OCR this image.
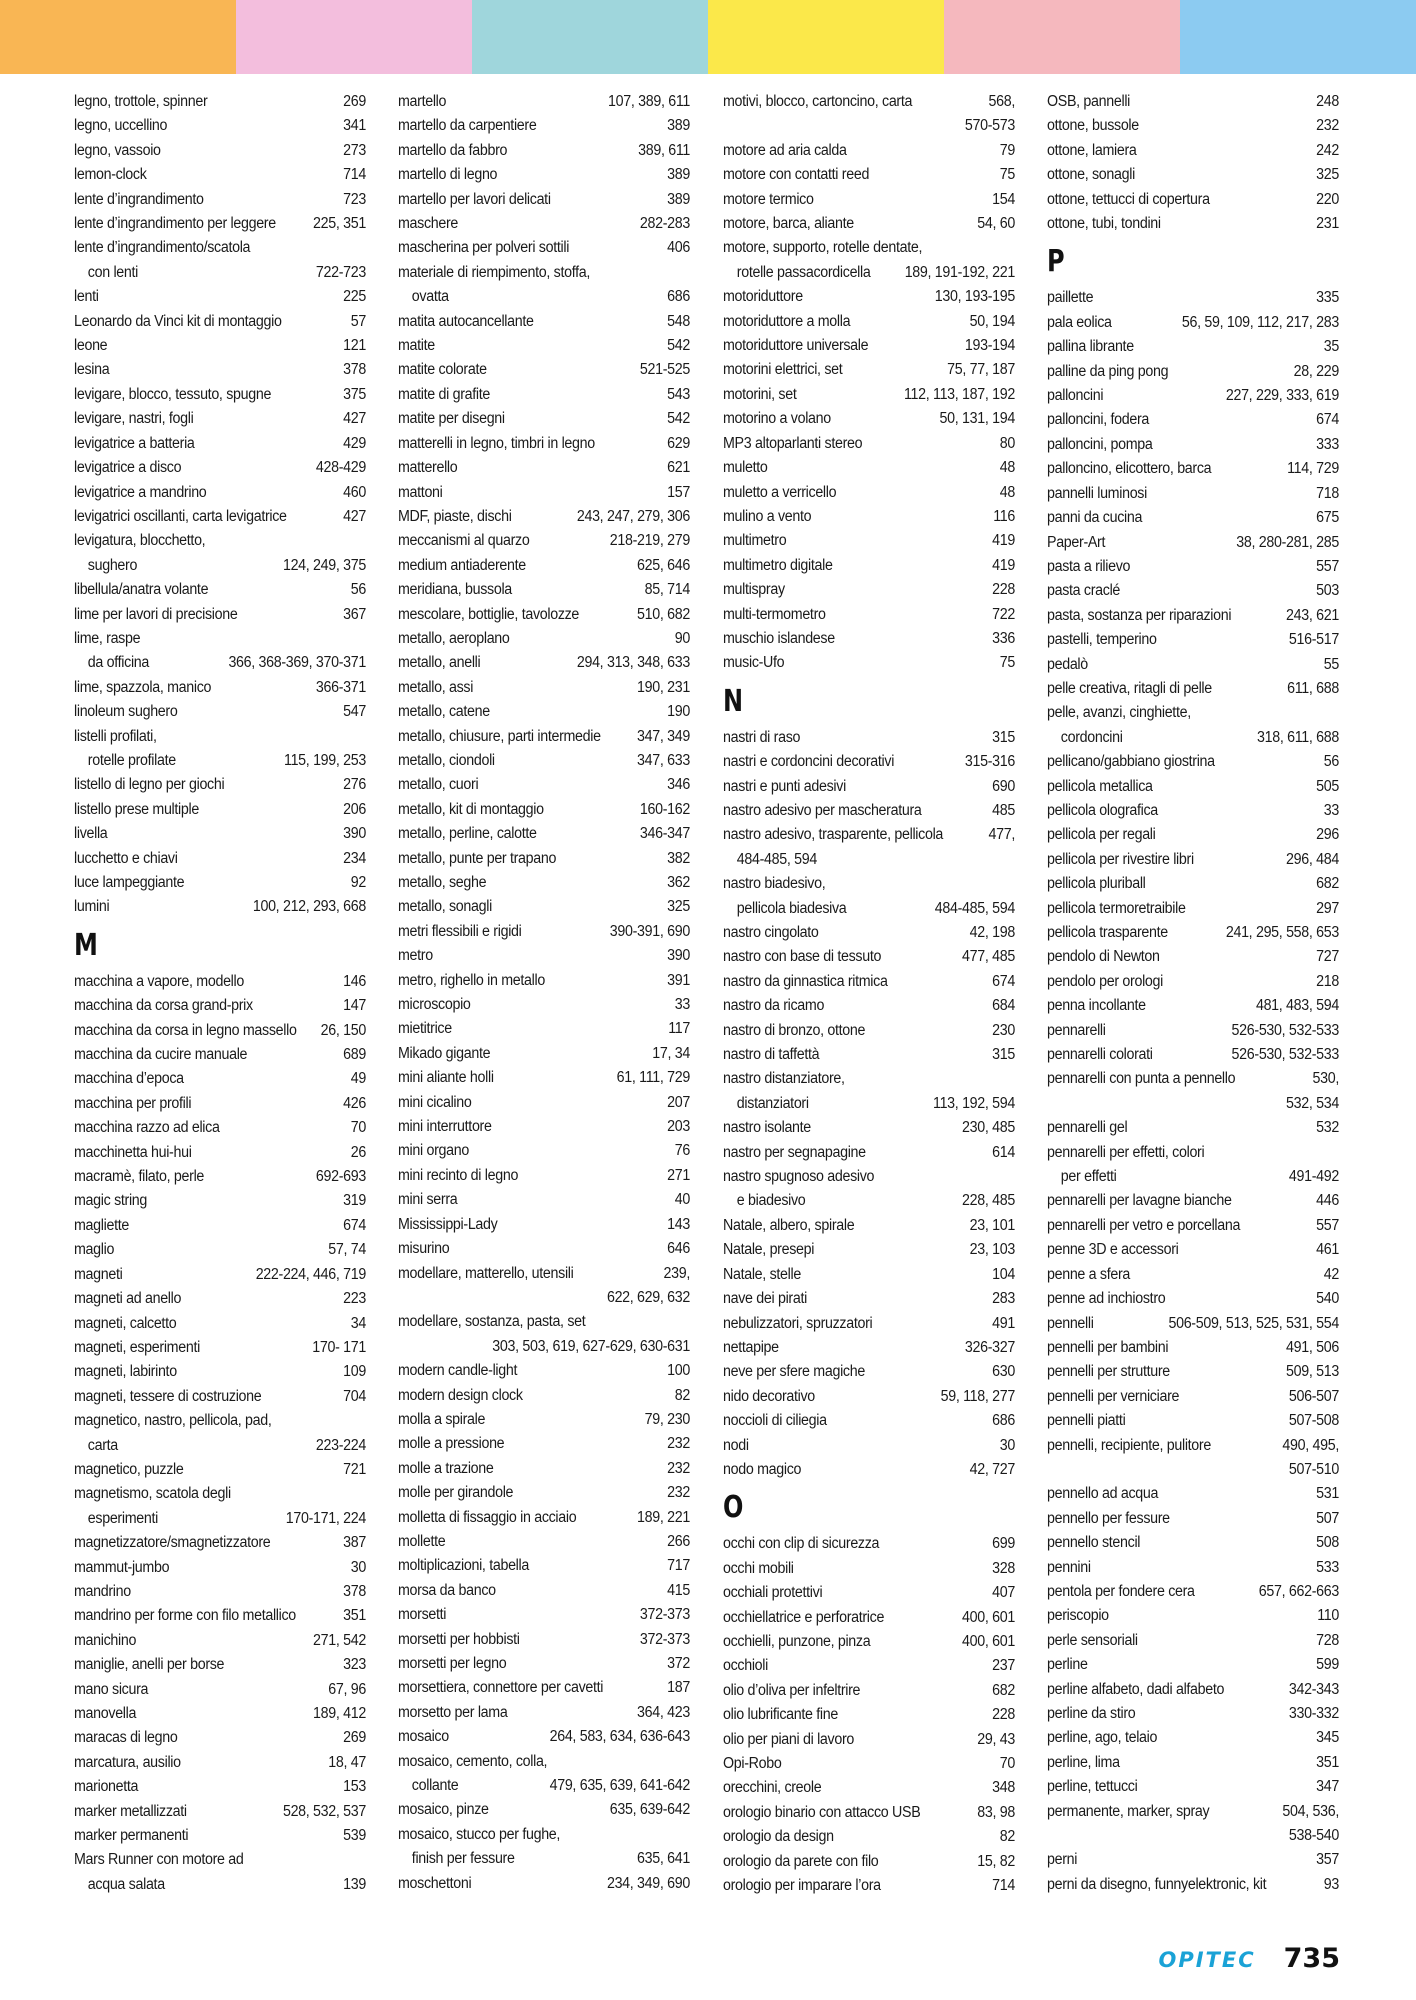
legno, trottole, spinner	269
legno, uccellino	341
legno, vassoio	273
lemon-clock	714
lente d’ingrandimento	723
lente d’ingrandimento per leggere	225, 351
lente d’ingrandimento/scatola
con lenti	722-723
lenti	225
Leonardo da Vinci kit di montaggio	57
leone	121
lesina	378
levigare, blocco, tessuto, spugne	375
levigare, nastri, fogli	427
levigatrice a batteria	429
levigatrice a disco	428-429
levigatrice a mandrino	460
levigatrici oscillanti, carta levigatrice	427
levigatura, blocchetto,
sughero	124, 249, 375
libellula/anatra volante	56
lime per lavori di precisione	367
lime, raspe
da officina	366, 368-369, 370-371
lime, spazzola, manico	366-371
linoleum sughero	547
listelli profilati,
rotelle profilate	115, 199, 253
listello di legno per giochi	276
listello prese multiple	206
livella	390
lucchetto e chiavi	234
luce lampeggiante	92
lumini	100, 212, 293, 668
M
macchina a vapore, modello	146
macchina da corsa grand-prix	147
macchina da corsa in legno massello	26, 150
macchina da cucire manuale	689
macchina d’epoca	49
macchina per profili	426
macchina razzo ad elica	70
macchinetta hui-hui	26
macramè, filato, perle	692-693
magic string	319
magliette	674
maglio	57, 74
magneti	222-224, 446, 719
magneti ad anello	223
magneti, calcetto	34
magneti, esperimenti	170- 171
magneti, labirinto	109
magneti, tessere di costruzione	704
magnetico, nastro, pellicola, pad,
carta	223-224
magnetico, puzzle	721
magnetismo, scatola degli
esperimenti	170-171, 224
magnetizzatore/smagnetizzatore	387
mammut-jumbo	30
mandrino	378
mandrino per forme con filo metallico	351
manichino	271, 542
maniglie, anelli per borse	323
mano sicura	67, 96
manovella	189, 412
maracas di legno	269
marcatura, ausilio	18, 47
marionetta	153
marker metallizzati	528, 532, 537
marker permanenti	539
Mars Runner con motore ad
acqua salata	139
martello	107, 389, 611
martello da carpentiere	389
martello da fabbro	389, 611
martello di legno	389
martello per lavori delicati	389
maschere	282-283
mascherina per polveri sottili	406
materiale di riempimento, stoffa,
ovatta	686
matita autocancellante	548
matite	542
matite colorate	521-525
matite di grafite	543
matite per disegni	542
matterelli in legno, timbri in legno	629
matterello	621
mattoni	157
MDF, piaste, dischi	243, 247, 279, 306
meccanismi al quarzo	218-219, 279
medium antiaderente	625, 646
meridiana, bussola	85, 714
mescolare, bottiglie, tavolozze	510, 682
metallo, aeroplano	90
metallo, anelli	294, 313, 348, 633
metallo, assi	190, 231
metallo, catene	190
metallo, chiusure, parti intermedie	347, 349
metallo, ciondoli	347, 633
metallo, cuori	346
metallo, kit di montaggio	160-162
metallo, perline, calotte	346-347
metallo, punte per trapano	382
metallo, seghe	362
metallo, sonagli	325
metri flessibili e rigidi	390-391, 690
metro	390
metro, righello in metallo	391
microscopio	33
mietitrice	117
Mikado gigante	17, 34
mini aliante holli	61, 111, 729
mini cicalino	207
mini interruttore	203
mini organo	76
mini recinto di legno	271
mini serra	40
Mississippi-Lady	143
misurino	646
modellare, matterello, utensili	239,
622, 629, 632
modellare, sostanza, pasta, set
303, 503, 619, 627-629, 630-631
modern candle-light	100
modern design clock	82
molla a spirale	79, 230
molle a pressione	232
molle a trazione	232
molle per girandole	232
molletta di fissaggio in acciaio	189, 221
mollette	266
moltiplicazioni, tabella	717
morsa da banco	415
morsetti	372-373
morsetti per hobbisti	372-373
morsetti per legno	372
morsettiera, connettore per cavetti	187
morsetto per lama	364, 423
mosaico	264, 583, 634, 636-643
mosaico, cemento, colla,
collante	479, 635, 639, 641-642
mosaico, pinze	635, 639-642
mosaico, stucco per fughe,
finish per fessure	635, 641
moschettoni	234, 349, 690
motivi, blocco, cartoncino, carta	568,
570-573
motore ad aria calda	79
motore con contatti reed	75
motore termico	154
motore, barca, aliante	54, 60
motore, supporto, rotelle dentate,
rotelle passacordicella	189, 191-192, 221
motoriduttore	130, 193-195
motoriduttore a molla	50, 194
motoriduttore universale	193-194
motorini elettrici, set	75, 77, 187
motorini, set	112, 113, 187, 192
motorino a volano	50, 131, 194
MP3 altoparlanti stereo	80
muletto	48
muletto a verricello	48
mulino a vento	116
multimetro	419
multimetro digitale	419
multispray	228
multi-termometro	722
muschio islandese	336
music-Ufo	75
N
nastri di raso	315
nastri e cordoncini decorativi	315-316
nastri e punti adesivi	690
nastro adesivo per mascheratura	485
nastro adesivo, trasparente, pellicola	477,
484-485, 594
nastro biadesivo,
pellicola biadesiva	484-485, 594
nastro cingolato	42, 198
nastro con base di tessuto	477, 485
nastro da ginnastica ritmica	674
nastro da ricamo	684
nastro di bronzo, ottone	230
nastro di taffettà	315
nastro distanziatore,
distanziatori	113, 192, 594
nastro isolante	230, 485
nastro per segnapagine	614
nastro spugnoso adesivo
e biadesivo	228, 485
Natale, albero, spirale	23, 101
Natale, presepi	23, 103
Natale, stelle	104
nave dei pirati	283
nebulizzatori, spruzzatori	491
nettapipe	326-327
neve per sfere magiche	630
nido decorativo	59, 118, 277
noccioli di ciliegia	686
nodi	30
nodo magico	42, 727
O
occhi con clip di sicurezza	699
occhi mobili	328
occhiali protettivi	407
occhiellatrice e perforatrice	400, 601
occhielli, punzone, pinza	400, 601
occhioli	237
olio d’oliva per infeltrire	682
olio lubrificante fine	228
olio per piani di lavoro	29, 43
Opi-Robo	70
orecchini, creole	348
orologio binario con attacco USB	83, 98
orologio da design	82
orologio da parete con filo	15, 82
orologio per imparare l’ora	714
OSB, pannelli	248
ottone, bussole	232
ottone, lamiera	242
ottone, sonagli	325
ottone, tettucci di copertura	220
ottone, tubi, tondini	231
P
paillette	335
pala eolica	56, 59, 109, 112, 217, 283
pallina librante	35
palline da ping pong	28, 229
palloncini	227, 229, 333, 619
palloncini, fodera	674
palloncini, pompa	333
palloncino, elicottero, barca	114, 729
pannelli luminosi	718
panni da cucina	675
Paper-Art	38, 280-281, 285
pasta a rilievo	557
pasta craclé	503
pasta, sostanza per riparazioni	243, 621
pastelli, temperino	516-517
pedalò	55
pelle creativa, ritagli di pelle	611, 688
pelle, avanzi, cinghiette,
cordoncini	318, 611, 688
pellicano/gabbiano giostrina	56
pellicola metallica	505
pellicola olografica	33
pellicola per regali	296
pellicola per rivestire libri	296, 484
pellicola pluriball	682
pellicola termoretraibile	297
pellicola trasparente	241, 295, 558, 653
pendolo di Newton	727
pendolo per orologi	218
penna incollante	481, 483, 594
pennarelli	526-530, 532-533
pennarelli colorati	526-530, 532-533
pennarelli con punta a pennello	530,
532, 534
pennarelli gel	532
pennarelli per effetti, colori
per effetti	491-492
pennarelli per lavagne bianche	446
pennarelli per vetro e porcellana	557
penne 3D e accessori	461
penne a sfera	42
penne ad inchiostro	540
pennelli	506-509, 513, 525, 531, 554
pennelli per bambini	491, 506
pennelli per strutture	509, 513
pennelli per verniciare	506-507
pennelli piatti	507-508
pennelli, recipiente, pulitore	490, 495,
507-510
pennello ad acqua	531
pennello per fessure	507
pennello stencil	508
pennini	533
pentola per fondere cera	657, 662-663
periscopio	110
perle sensoriali	728
perline	599
perline alfabeto, dadi alfabeto	342-343
perline da stiro	330-332
perline, ago, telaio	345
perline, lima	351
perline, tettucci	347
permanente, marker, spray	504, 536,
538-540
perni	357
perni da disegno, funnyelektronic, kit	93
OPITEC 735
